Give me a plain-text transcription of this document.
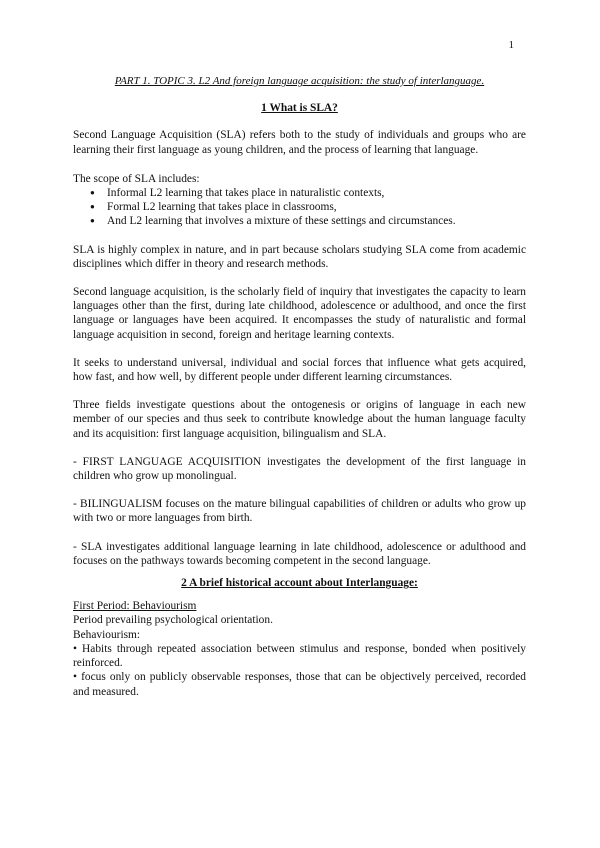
1

PART 1. TOPIC 3. L2 And foreign language acquisition: the study of interlanguage.

1 What is SLA?

Second Language Acquisition (SLA) refers both to the study of individuals and groups who are learning their first language as young children, and the process of learning that language.

The scope of SLA includes:

● Informal L2 learning that takes place in naturalistic contexts,
● Formal L2 learning that takes place in classrooms,
● And L2 learning that involves a mixture of these settings and circumstances.

SLA is highly complex in nature, and in part because scholars studying SLA come from academic disciplines which differ in theory and research methods.

Second language acquisition, is the scholarly field of inquiry that investigates the capacity to learn languages other than the first, during late childhood, adolescence or adulthood, and once the first language or languages have been acquired. It encompasses the study of naturalistic and formal language acquisition in second, foreign and heritage learning contexts.

It seeks to understand universal, individual and social forces that influence what gets acquired, how fast, and how well, by different people under different learning circumstances.

Three fields investigate questions about the ontogenesis or origins of language in each new member of our species and thus seek to contribute knowledge about the human language faculty and its acquisition: first language acquisition, bilingualism and SLA.

- FIRST LANGUAGE ACQUISITION investigates the development of the first language in children who grow up monolingual.

- BILINGUALISM focuses on the mature bilingual capabilities of children or adults who grow up with two or more languages from birth.

- SLA investigates additional language learning in late childhood, adolescence or adulthood and focuses on the pathways towards becoming competent in the second language.

2 A brief historical account about Interlanguage:

First Period: Behaviourism

Period prevailing psychological orientation.

Behaviourism:

• Habits through repeated association between stimulus and response, bonded when positively reinforced.

• focus only on publicly observable responses, those that can be objectively perceived, recorded and measured.
